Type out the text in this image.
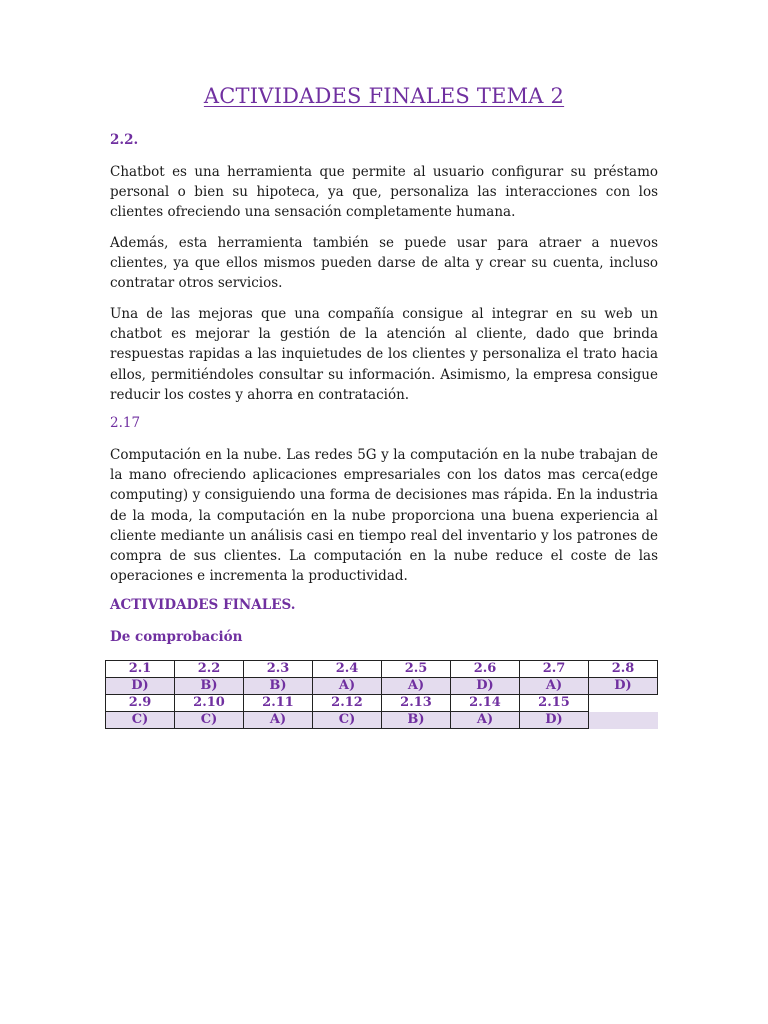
ACTIVIDADES FINALES TEMA 2
2.2.

Chatbot es una herramienta que permite al usuario configurar su préstamo personal o bien su hipoteca, ya que, personaliza las interacciones con los clientes ofreciendo una sensación completamente humana.

Además, esta herramienta también se puede usar para atraer a nuevos clientes, ya que ellos mismos pueden darse de alta y crear su cuenta, incluso contratar otros servicios.

Una de las mejoras que una compañía consigue al integrar en su web un chatbot es mejorar la gestión de la atención al cliente, dado que brinda respuestas rapidas a las inquietudes de los clientes y personaliza el trato hacia ellos, permitiéndoles consultar su información. Asimismo, la empresa consigue reducir los costes y ahorra en contratación.

2.17

Computación en la nube. Las redes 5G y la computación en la nube trabajan de la mano ofreciendo aplicaciones empresariales con los datos mas cerca(edge computing) y consiguiendo una forma de decisiones mas rápida. En la industria de la moda, la computación en la nube proporciona una buena experiencia al cliente mediante un análisis casi en tiempo real del inventario y los patrones de compra de sus clientes. La computación en la nube reduce el coste de las operaciones e incrementa la productividad.

ACTIVIDADES FINALES.
De comprobación
2.1	2.2	2.3	2.4	2.5	2.6	2.7	2.8
D)	B)	B)	A)	A)	D)	A)	D)
2.9	2.10	2.11	2.12	2.13	2.14	2.15	
C)	C)	A)	C)	B)	A)	D)	
